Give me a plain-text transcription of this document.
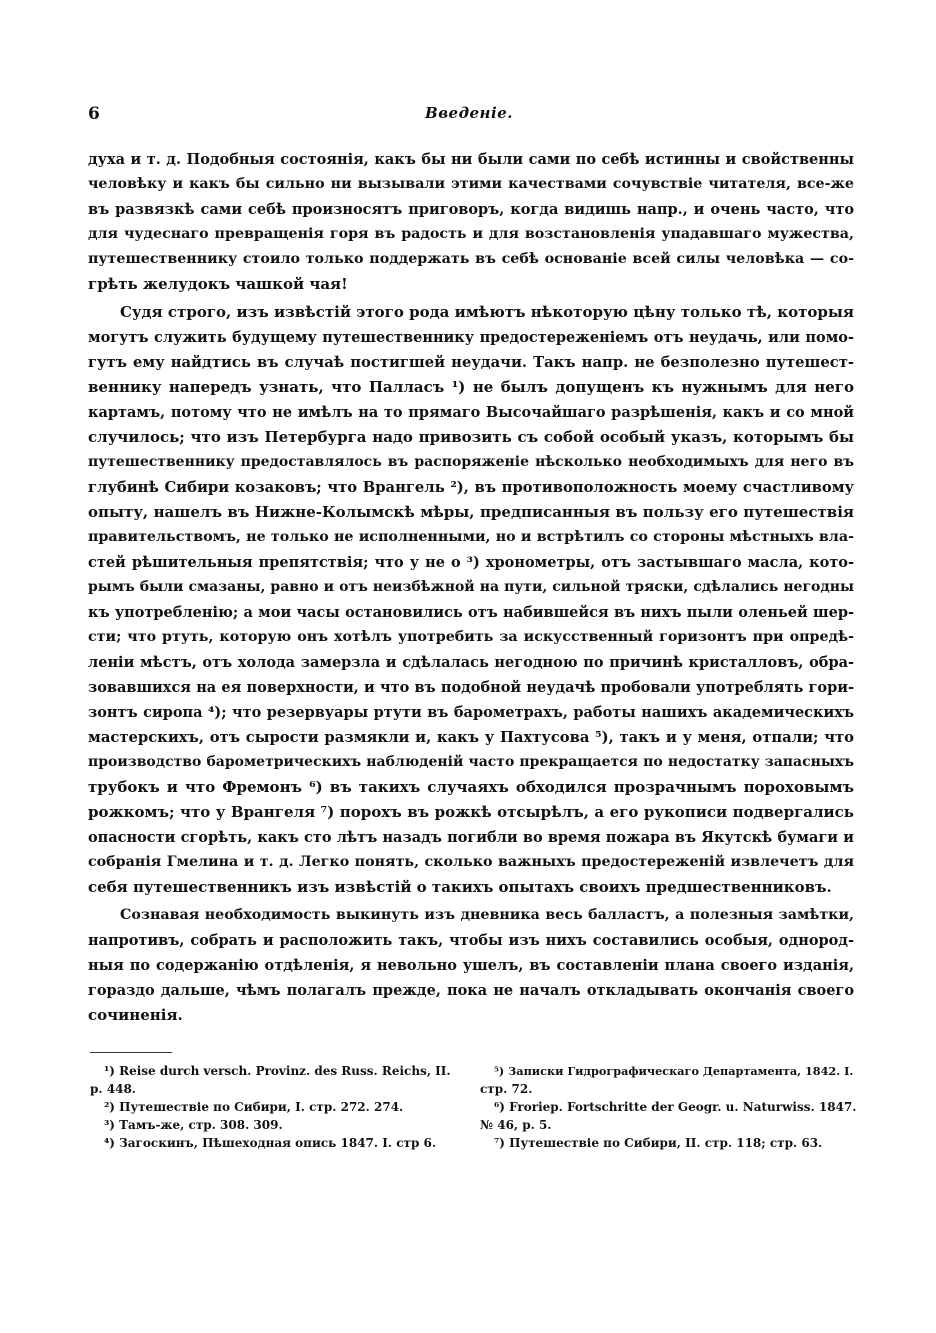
6	Введеніе.
духа и т. д. Подобныя состоянія, какъ бы ни были сами по себѣ истинны и свойственны
человѣку и какъ бы сильно ни вызывали этими качествами сочувствіе читателя, все-же
въ развязкѣ сами себѣ произносятъ приговоръ, когда видишь напр., и очень часто, что
для чудеснаго превращенія горя въ радость и для возстановленія упадавшаго мужества,
путешественнику стоило только поддержать въ себѣ основаніе всей силы человѣка — со-
грѣть желудокъ чашкой чая!
Судя строго, изъ извѣстій этого рода имѣютъ нѣкоторую цѣну только тѣ, которыя
могутъ служить будущему путешественнику предостереженіемъ отъ неудачь, или помо-
гутъ ему найдтись въ случаѣ постигшей неудачи. Такъ напр. не безполезно путешест-
веннику напередъ узнать, что Палласъ ¹) не былъ допущенъ къ нужнымъ для него
картамъ, потому что не имѣлъ на то прямаго Высочайшаго разрѣшенія, какъ и со мной
случилось; что изъ Петербурга надо привозить съ собой особый указъ, которымъ бы
путешественнику предоставлялось въ распоряженіе нѣсколько необходимыхъ для него въ
глубинѣ Сибири козаковъ; что Врангель ²), въ противоположность моему счастливому
опыту, нашелъ въ Нижне-Колымскѣ мѣры, предписанныя въ пользу его путешествія
правительствомъ, не только не исполненными, но и встрѣтилъ со стороны мѣстныхъ вла-
стей рѣшительныя препятствія; что у не о ³) хронометры, отъ застывшаго масла, кото-
рымъ были смазаны, равно и отъ неизбѣжной на пути, сильной тряски, сдѣлались негодны
къ употребленію; а мои часы остановились отъ набившейся въ нихъ пыли оленьей шер-
сти; что ртуть, которую онъ хотѣлъ употребить за искусственный горизонтъ при опредѣ-
леніи мѣстъ, отъ холода замерзла и сдѣлалась негодною по причинѣ кристалловъ, обра-
зовавшихся на ея поверхности, и что въ подобной неудачѣ пробовали употреблять гори-
зонтъ сиропа ⁴); что резервуары ртути въ барометрахъ, работы нашихъ академическихъ
мастерскихъ, отъ сырости размякли и, какъ у Пахтусова ⁵), такъ и у меня, отпали; что
производство барометрическихъ наблюденій часто прекращается по недостатку запасныхъ
трубокъ и что Фремонъ ⁶) въ такихъ случаяхъ обходился прозрачнымъ пороховымъ
рожкомъ; что у Врангеля ⁷) порохъ въ рожкѣ отсырѣлъ, а его рукописи подвергались
опасности сгорѣть, какъ сто лѣтъ назадъ погибли во время пожара въ Якутскѣ бумаги и
собранія Гмелина и т. д. Легко понять, сколько важныхъ предостереженій извлечетъ для
себя путешественникъ изъ извѣстій о такихъ опытахъ своихъ предшественниковъ.
Сознавая необходимость выкинуть изъ дневника весь балластъ, а полезныя замѣтки,
напротивъ, собрать и расположить такъ, чтобы изъ нихъ составились особыя, однород-
ныя по содержанію отдѣленія, я невольно ушелъ, въ составленіи плана своего изданія,
гораздо дальше, чѣмъ полагалъ прежде, пока не началъ откладывать окончанія своего
сочиненія.
¹) Reise durch versch. Provinz. des Russ. Reichs, II.
p. 448.
²) Путешествіе по Сибири, I. стр. 272. 274.
³) Тамъ-же, стр. 308. 309.
⁴) Загоскинъ, Пѣшеходная опись 1847. I. стр 6.
⁵) Записки Гидрографическаго Департамента, 1842. I.
стр. 72.
⁶) Froriep. Fortschritte der Geogr. u. Naturwiss. 1847.
№ 46, p. 5.
⁷) Путешествіе по Сибири, II. стр. 118; стр. 63.
